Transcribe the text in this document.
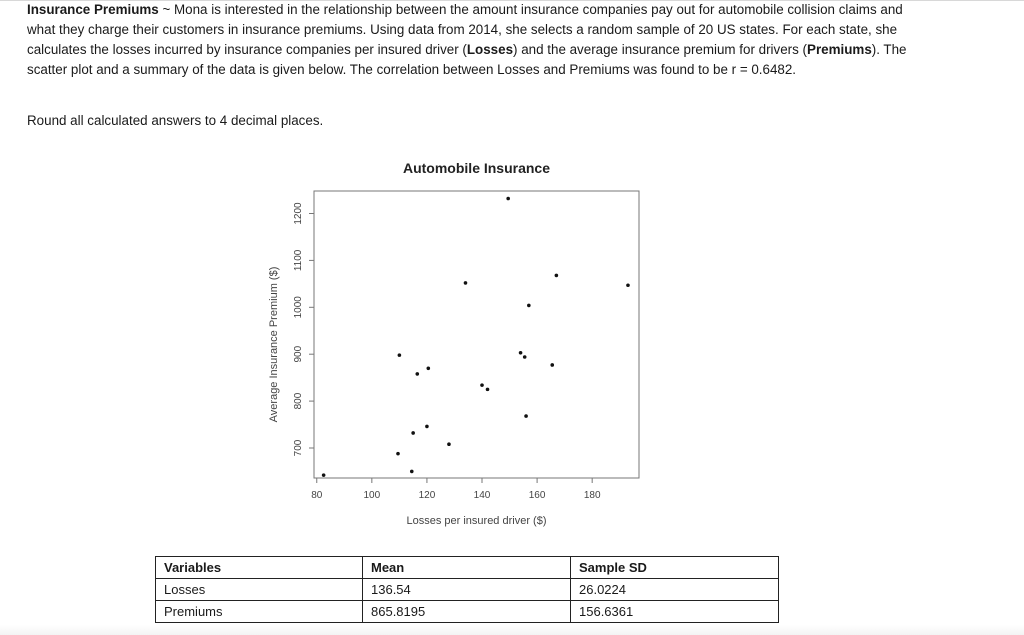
Insurance Premiums ~ Mona is interested in the relationship between the amount insurance companies pay out for automobile collision claims and what they charge their customers in insurance premiums. Using data from 2014, she selects a random sample of 20 US states. For each state, she calculates the losses incurred by insurance companies per insured driver (Losses) and the average insurance premium for drivers (Premiums). The scatter plot and a summary of the data is given below. The correlation between Losses and Premiums was found to be r = 0.6482.

Round all calculated answers to 4 decimal places.
Automobile Insurance
80	100	120	140	160	180
700
800
900
1000
1100
1200
Losses per insured driver ($)
Average Insurance Premium ($)
Variables	Mean	Sample SD
Losses	136.54	26.0224
Premiums	865.8195	156.6361
